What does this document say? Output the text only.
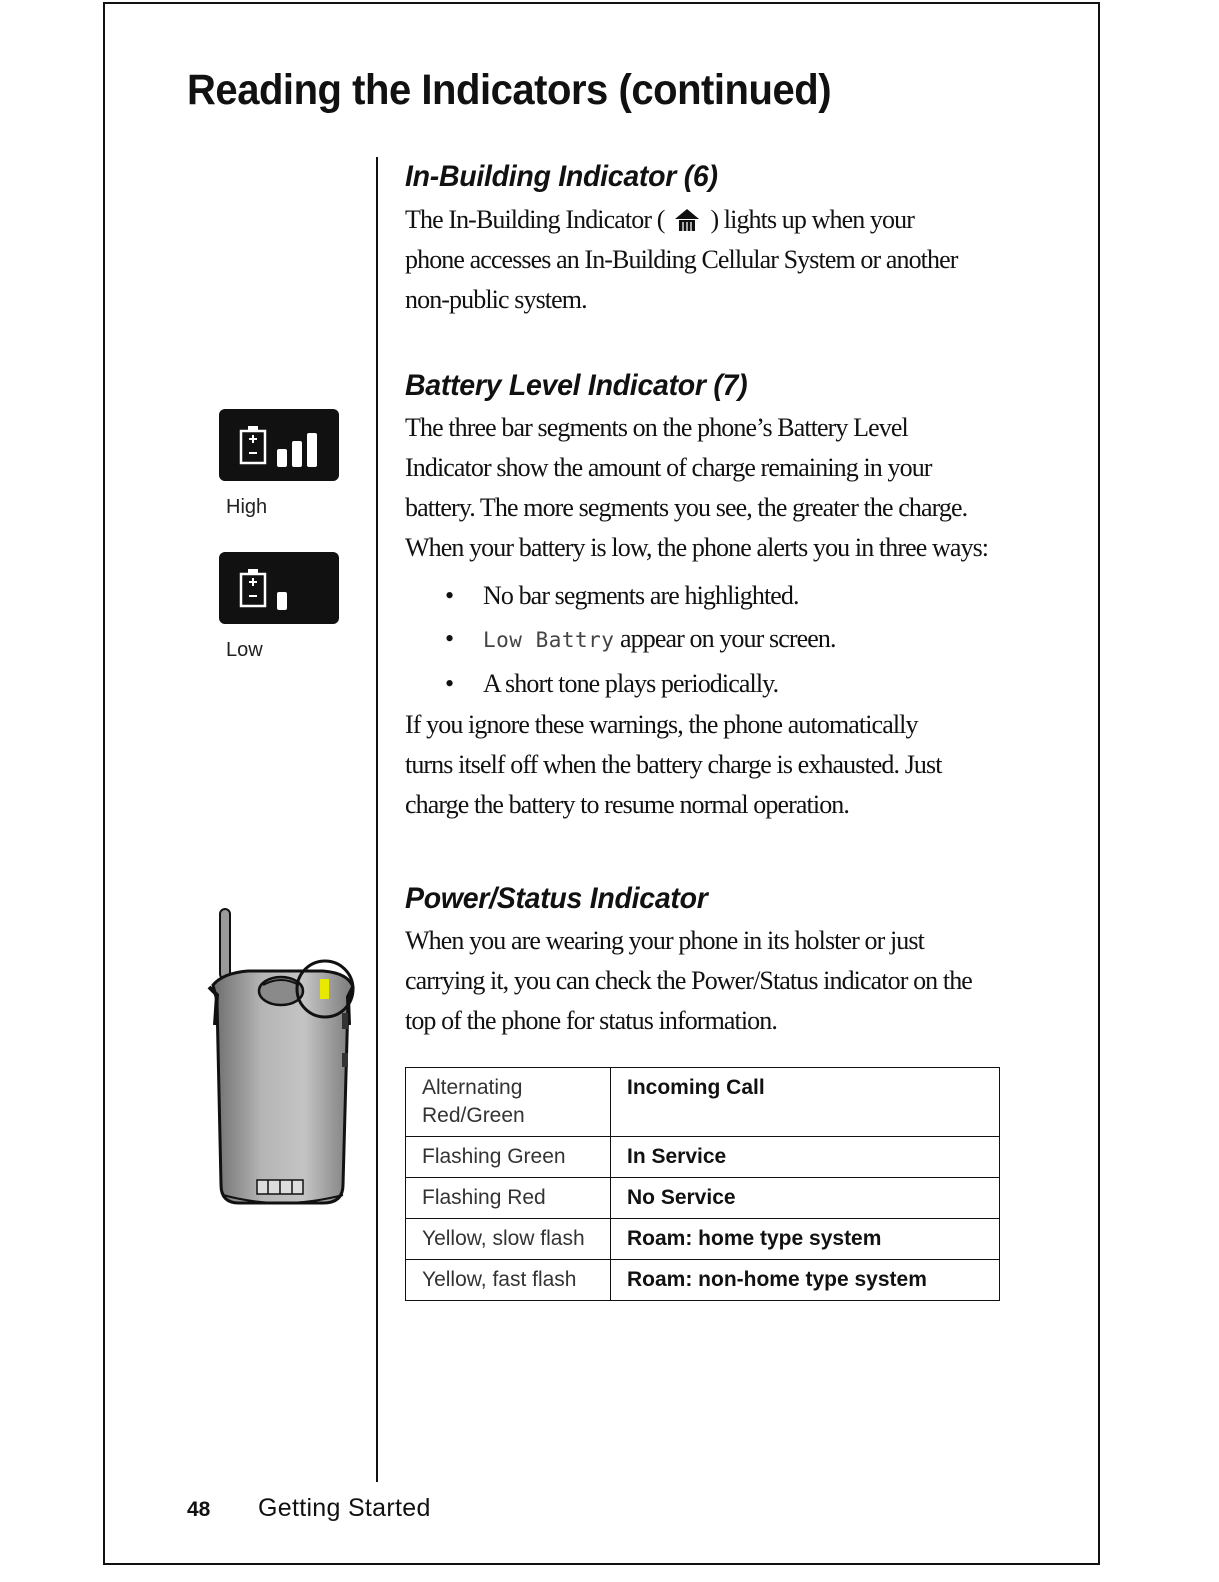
Reading the Indicators (continued)
High
Low
In-Building Indicator (6)

The In-Building Indicator ( ) lights up when your
phone accesses an In-Building Cellular System or another
non-public system.

Battery Level Indicator (7)

The three bar segments on the phone’s Battery Level
Indicator show the amount of charge remaining in your
battery. The more segments you see, the greater the charge.
When your battery is low, the phone alerts you in three ways:

• No bar segments are highlighted.
• Low Battry appear on your screen.
• A short tone plays periodically.

If you ignore these warnings, the phone automatically
turns itself off when the battery charge is exhausted. Just
charge the battery to resume normal operation.

Power/Status Indicator

When you are wearing your phone in its holster or just
carrying it, you can check the Power/Status indicator on the
top of the phone for status information.

Alternating
Red/Green	Incoming Call
Flashing Green	In Service
Flashing Red	No Service
Yellow, slow flash	Roam: home type system
Yellow, fast flash	Roam: non-home type system
48 Getting Started
